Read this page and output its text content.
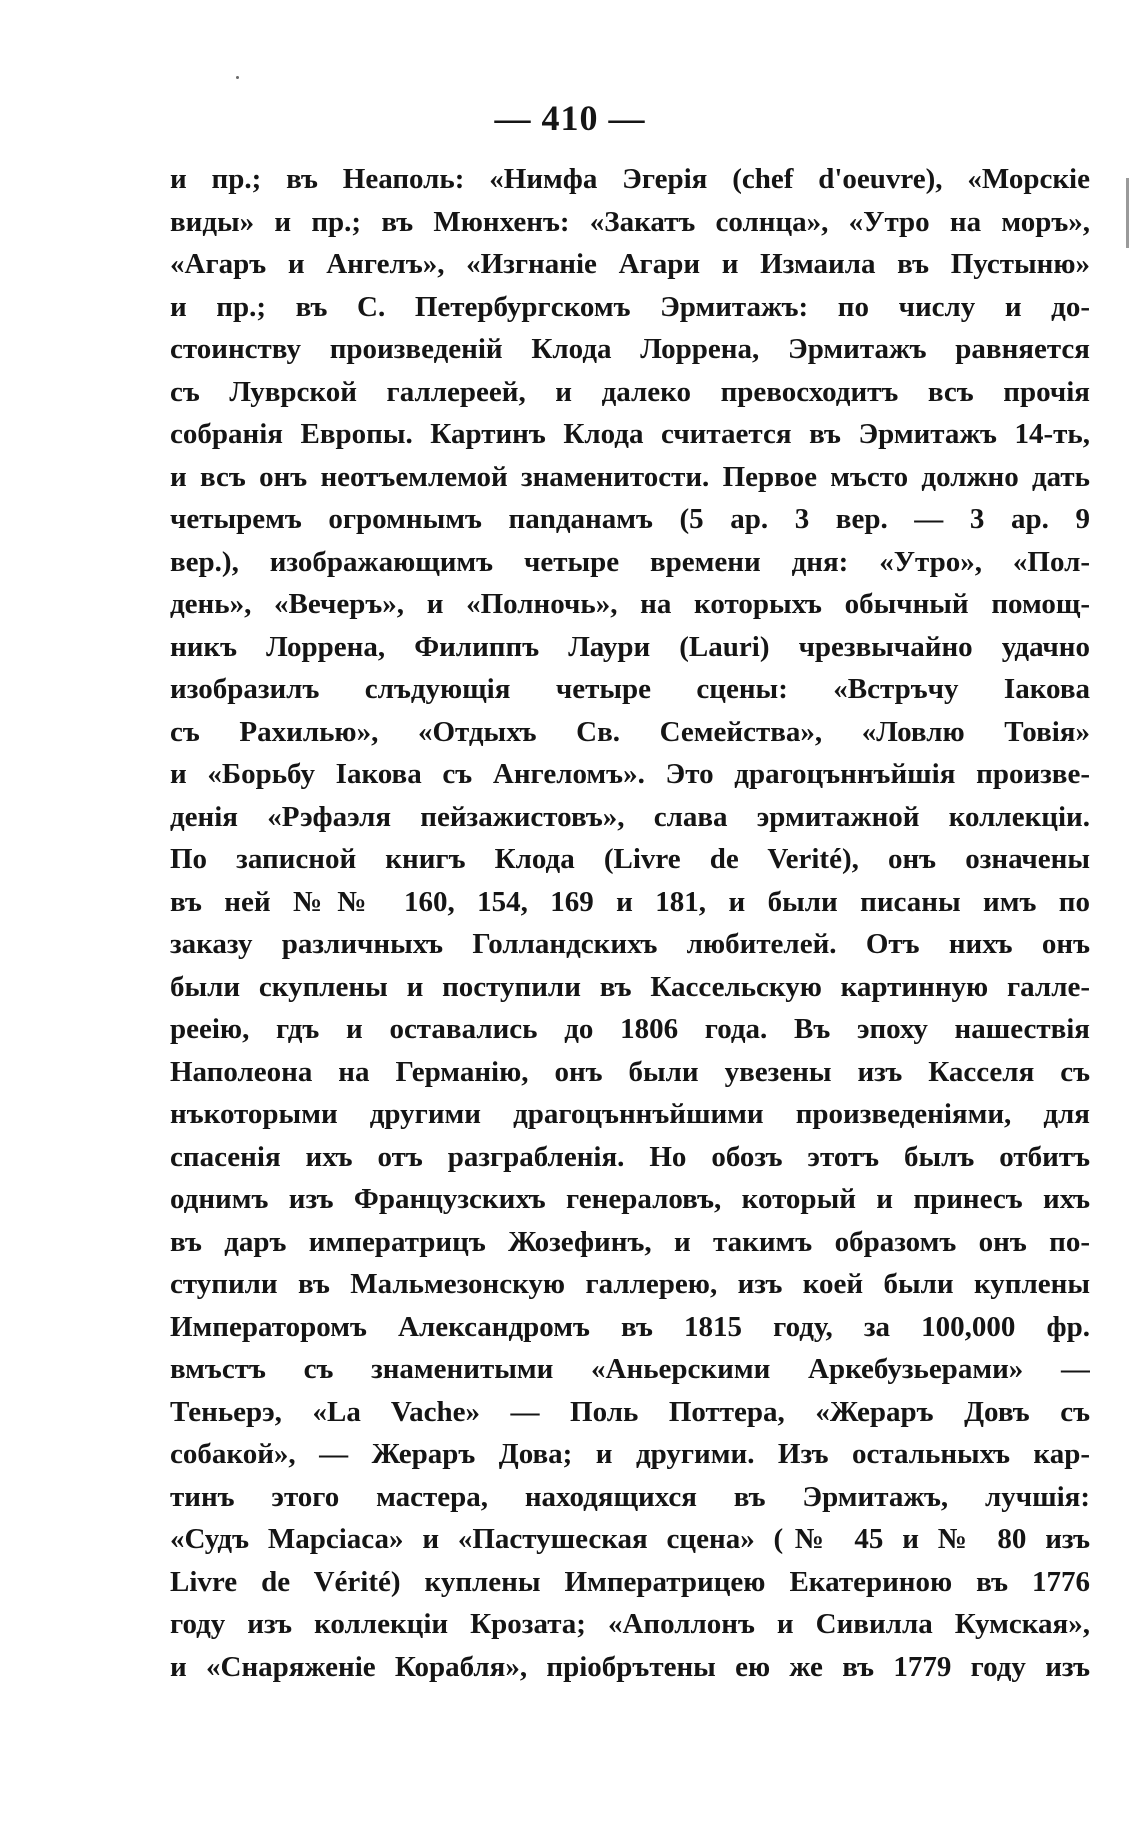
— 410 —
и пр.; въ Неаполь: «Нимфа Эгерія (chef d'oeuvre), «Морскіе
виды» и пр.; въ Мюнхенъ: «Закатъ солнца», «Утро на моръ»,
«Агаръ и Ангелъ», «Изгнаніе Агари и Измаила въ Пустыню»
и пр.; въ С. Петербургскомъ Эрмитажъ: по числу и до-
стоинству произведеній Клода Лоррена, Эрмитажъ равняется
съ Луврской галлереей, и далеко превосходитъ всъ прочія
собранія Европы. Картинъ Клода считается въ Эрмитажъ 14-ть,
и всъ онъ неотъемлемой знаменитости. Первое мъсто должно дать
четыремъ огромнымъ пanданамъ (5 ар. 3 вер. — 3 ар. 9
вер.), изображающимъ четыре времени дня: «Утро», «Пол-
день», «Вечеръ», и «Полночь», на которыхъ обычный помощ-
никъ Лоррена, Филиппъ Лаури (Lauri) чрезвычайно удачно
изобразилъ слъдующія четыре сцены: «Встръчу Іакова
съ Рахилью», «Отдыхъ Св. Семейства», «Ловлю Товія»
и «Борьбу Іакова съ Ангеломъ». Это драгоцъннъйшія произве-
денія «Рэфаэля пейзажистовъ», слава эрмитажной коллекціи.
По записной книгъ Клода (Livre de Verité), онъ означены
въ ней №№ 160, 154, 169 и 181, и были писаны имъ по
заказу различныхъ Голландскихъ любителей. Отъ нихъ онъ
были скуплены и поступили въ Кассельскую картинную галле-
рееію, гдъ и оставались до 1806 года. Въ эпоху нашествія
Наполеона на Германію, онъ были увезены изъ Касселя съ
нъкоторыми другими драгоцъннъйшими произведеніями, для
спасенія ихъ отъ разграбленія. Но обозъ этотъ былъ отбитъ
однимъ изъ Французскихъ генераловъ, который и принесъ ихъ
въ даръ императрицъ Жозефинъ, и такимъ образомъ онъ по-
ступили въ Мальмезонскую галлерею, изъ коей были куплены
Императоромъ Александромъ въ 1815 году, за 100,000 фр.
вмъстъ съ знаменитыми «Аньерскими Аркебузьерами» —
Теньерэ, «La Vache» — Поль Поттера, «Жераръ Довъ съ
собакой», — Жераръ Дова; и другими. Изъ остальныхъ кар-
тинъ этого мастера, находящихся въ Эрмитажъ, лучшія:
«Судъ Марсіаса» и «Пастушеская сцена» (№ 45 и № 80 изъ
Livre de Vérité) куплены Императрицею Екатериною въ 1776
году изъ коллекціи Крозата; «Аполлонъ и Сивилла Кумская»,
и «Снаряженіе Корабля», пріобрътены ею же въ 1779 году изъ
